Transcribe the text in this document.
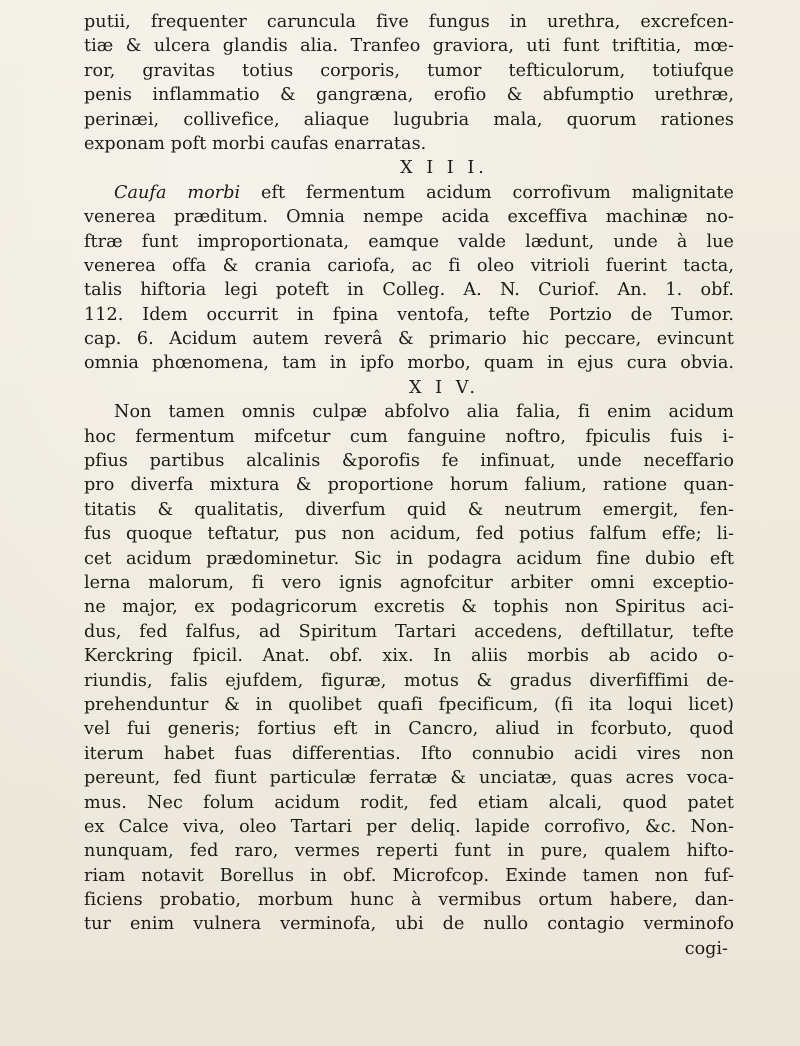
putii, frequenter caruncula five fungus in urethra, excrefcen-
tiæ & ulcera glandis alia. Tranfeo graviora, uti funt triftitia, mœ-
ror, gravitas totius corporis, tumor tefticulorum, totiufque
penis inflammatio & gangræna, erofio & abfumptio urethræ,
perinæi, collivefice, aliaque lugubria mala, quorum rationes
exponam poft morbi caufas enarratas.
X I I I.
Caufa morbi eft fermentum acidum corrofivum malignitate
venerea præditum. Omnia nempe acida exceffiva machinæ no-
ftræ funt improportionata, eamque valde lædunt, unde à lue
venerea offa & crania cariofa, ac fi oleo vitrioli fuerint tacta,
talis hiftoria legi poteft in Colleg. A. N. Curiof. An. 1. obf.
112. Idem occurrit in fpina ventofa, tefte Portzio de Tumor.
cap. 6. Acidum autem reverâ & primario hic peccare, evincunt
omnia phœnomena, tam in ipfo morbo, quam in ejus cura obvia.
X I V.
Non tamen omnis culpæ abfolvo alia falia, fi enim acidum
hoc fermentum mifcetur cum fanguine noftro, fpiculis fuis i-
pfius partibus alcalinis &porofis fe infinuat, unde neceffario
pro diverfa mixtura & proportione horum falium, ratione quan-
titatis & qualitatis, diverfum quid & neutrum emergit, fen-
fus quoque teftatur, pus non acidum, fed potius falfum effe; li-
cet acidum prædominetur. Sic in podagra acidum fine dubio eft
lerna malorum, fi vero ignis agnofcitur arbiter omni exceptio-
ne major, ex podagricorum excretis & tophis non Spiritus aci-
dus, fed falfus, ad Spiritum Tartari accedens, deftillatur, tefte
Kerckring fpicil. Anat. obf. xix. In aliis morbis ab acido o-
riundis, falis ejufdem, figuræ, motus & gradus diverfiffimi de-
prehenduntur & in quolibet quafi fpecificum, (fi ita loqui licet)
vel fui generis; fortius eft in Cancro, aliud in fcorbuto, quod
iterum habet fuas differentias. Ifto connubio acidi vires non
pereunt, fed fiunt particulæ ferratæ & unciatæ, quas acres voca-
mus. Nec folum acidum rodit, fed etiam alcali, quod patet
ex Calce viva, oleo Tartari per deliq. lapide corrofivo, &c. Non-
nunquam, fed raro, vermes reperti funt in pure, qualem hifto-
riam notavit Borellus in obf. Microfcop. Exinde tamen non fuf-
ficiens probatio, morbum hunc à vermibus ortum habere, dan-
tur enim vulnera verminofa, ubi de nullo contagio verminofo
cogi-
